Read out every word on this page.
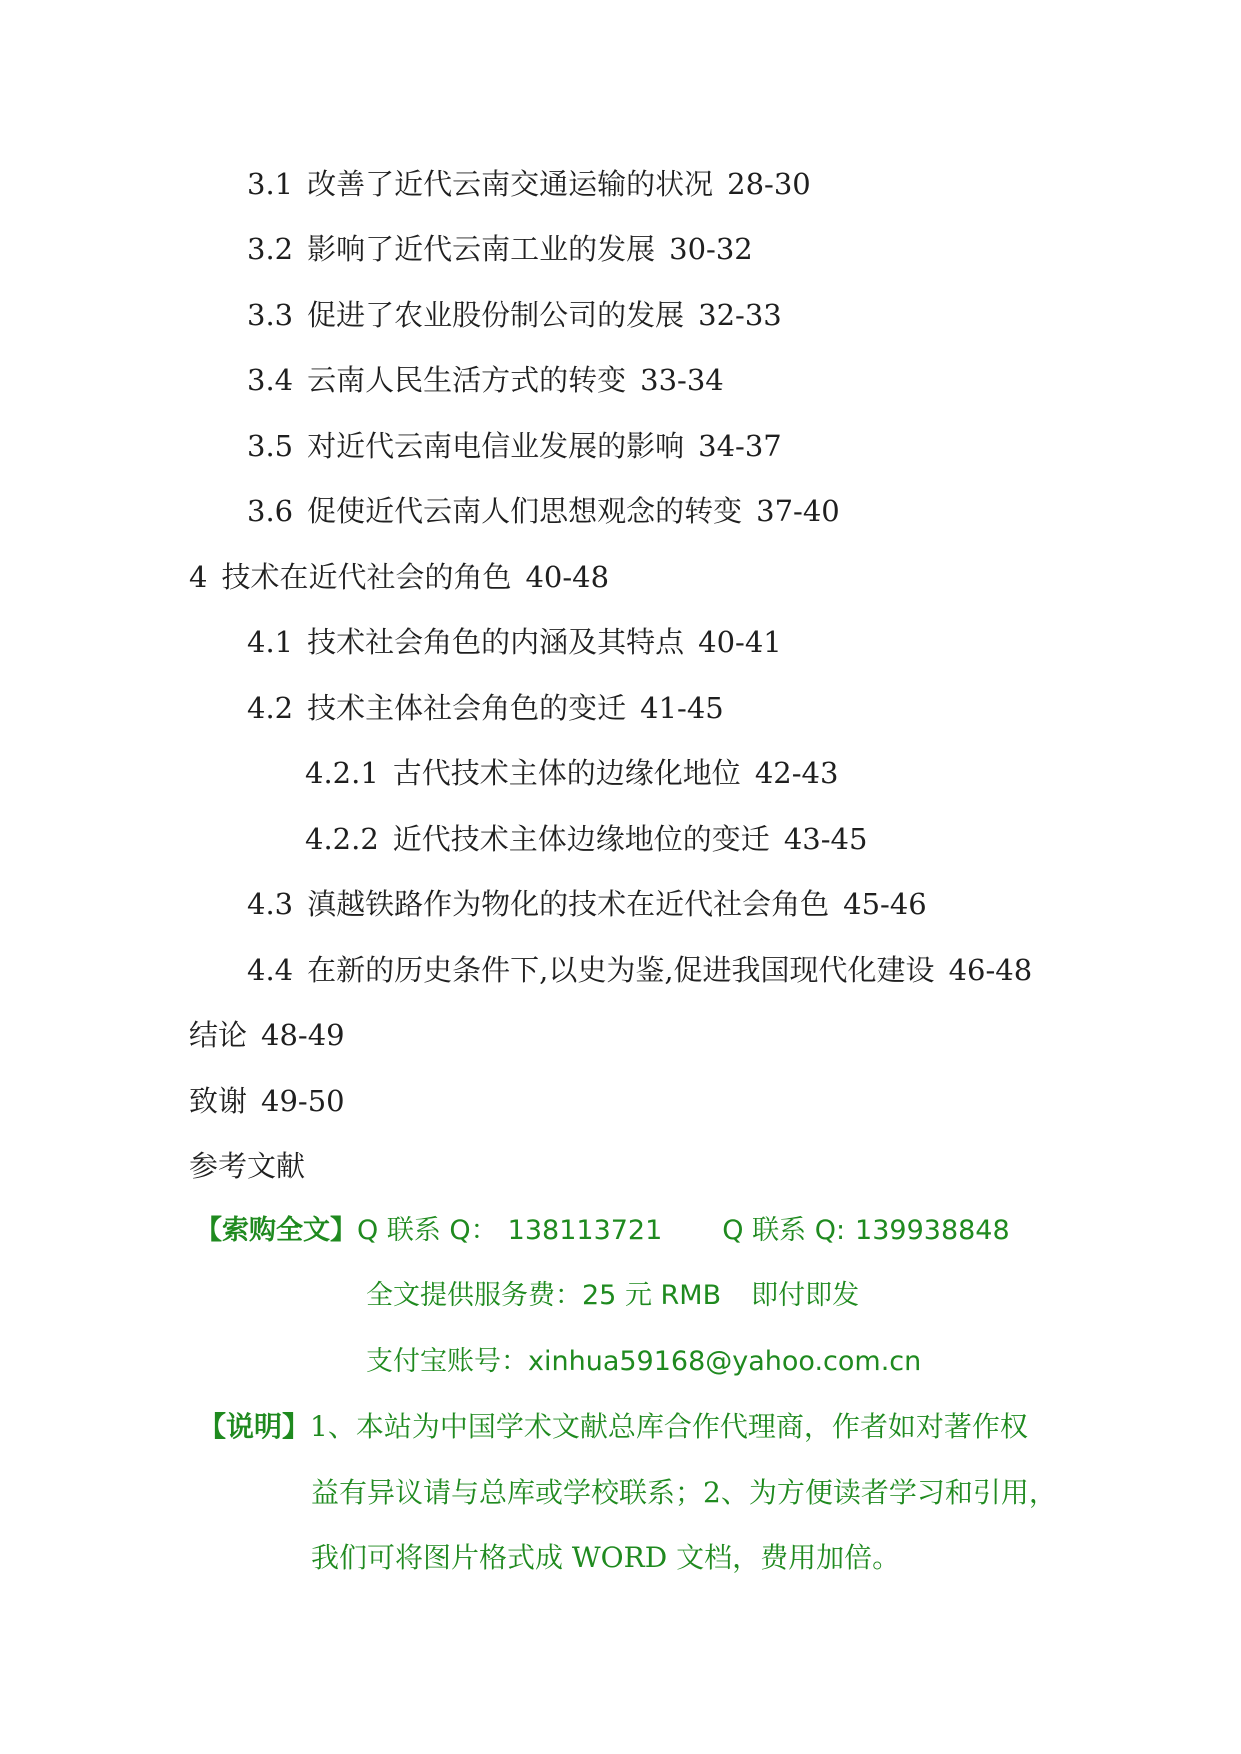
3.1 改善了近代云南交通运输的状况 28-30
3.2 影响了近代云南工业的发展 30-32
3.3 促进了农业股份制公司的发展 32-33
3.4 云南人民生活方式的转变 33-34
3.5 对近代云南电信业发展的影响 34-37
3.6 促使近代云南人们思想观念的转变 37-40
4 技术在近代社会的角色 40-48
4.1 技术社会角色的内涵及其特点 40-41
4.2 技术主体社会角色的变迁 41-45
4.2.1 古代技术主体的边缘化地位 42-43
4.2.2 近代技术主体边缘地位的变迁 43-45
4.3 滇越铁路作为物化的技术在近代社会角色 45-46
4.4 在新的历史条件下,以史为鉴,促进我国现代化建设 46-48
结论 48-49
致谢 49-50
参考文献
【索购全文】Q 联系 Q： 138113721 Q 联系 Q: 139938848
全文提供服务费：25 元 RMB 即付即发
支付宝账号：xinhua59168@yahoo.com.cn
【说明】1、本站为中国学术文献总库合作代理商，作者如对著作权
益有异议请与总库或学校联系；2、为方便读者学习和引用，
我们可将图片格式成 WORD 文档，费用加倍。
